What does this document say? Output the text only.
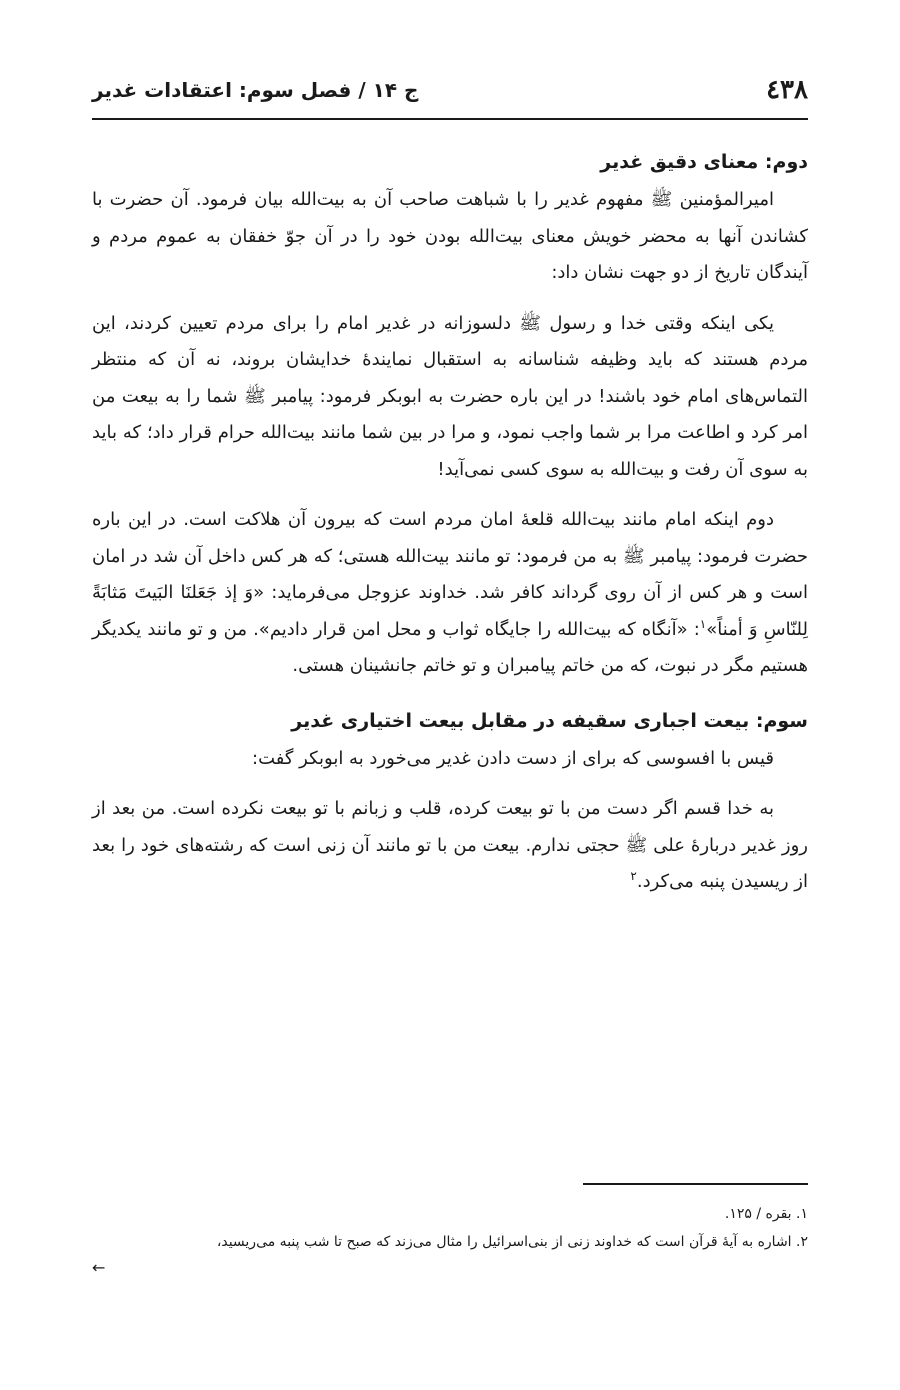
٤٣٨
ج ۱۴ / فصل سوم: اعتقادات غدیر

دوم: معنای دقیق غدیر

امیرالمؤمنین ﷺ مفهوم غدیر را با شباهت صاحب آن به بیت‌الله بیان فرمود. آن حضرت با کشاندن آنها به محضر خویش معنای بیت‌الله بودن خود را در آن جوّ خفقان به عموم مردم و آیندگان تاریخ از دو جهت نشان داد:

یکی اینکه وقتی خدا و رسول ﷺ دلسوزانه در غدیر امام را برای مردم تعیین کردند، این مردم هستند که باید وظیفه شناسانه به استقبال نمایندۀ خدایشان بروند، نه آن که منتظر التماس‌های امام خود باشند! در این باره حضرت به ابوبکر فرمود: پیامبر ﷺ شما را به بیعت من امر کرد و اطاعت مرا بر شما واجب نمود، و مرا در بین شما مانند بیت‌الله حرام قرار داد؛ که باید به سوی آن رفت و بیت‌الله به سوی کسی نمی‌آید!

دوم اینکه امام مانند بیت‌الله قلعۀ امان مردم است که بیرون آن هلاکت است. در این باره حضرت فرمود: پیامبر ﷺ به من فرمود: تو مانند بیت‌الله هستی؛ که هر کس داخل آن شد در امان است و هر کس از آن روی گرداند کافر شد. خداوند عزوجل می‌فرماید: «وَ إذ جَعَلنَا البَیتَ مَثابَةً لِلنّاسِ وَ أمناً»$^۱$: «آنگاه که بیت‌الله را جایگاه ثواب و محل امن قرار دادیم». من و تو مانند یکدیگر هستیم مگر در نبوت، که من خاتم پیامبران و تو خاتم جانشینان هستی.

سوم: بیعت اجباری سقیفه در مقابل بیعت اختیاری غدیر

قیس با افسوسی که برای از دست دادن غدیر می‌خورد به ابوبکر گفت:

به خدا قسم اگر دست من با تو بیعت کرده، قلب و زبانم با تو بیعت نکرده است. من بعد از روز غدیر دربارۀ علی ﷺ حجتی ندارم. بیعت من با تو مانند آن زنی است که رشته‌های خود را بعد از ریسیدن پنبه می‌کرد.$^۲$

۱. بقره / ۱۲۵.

۲. اشاره به آیۀ قرآن است که خداوند زنی از بنی‌اسرائیل را مثال می‌زند که صبح تا شب پنبه می‌ریسید،

←
